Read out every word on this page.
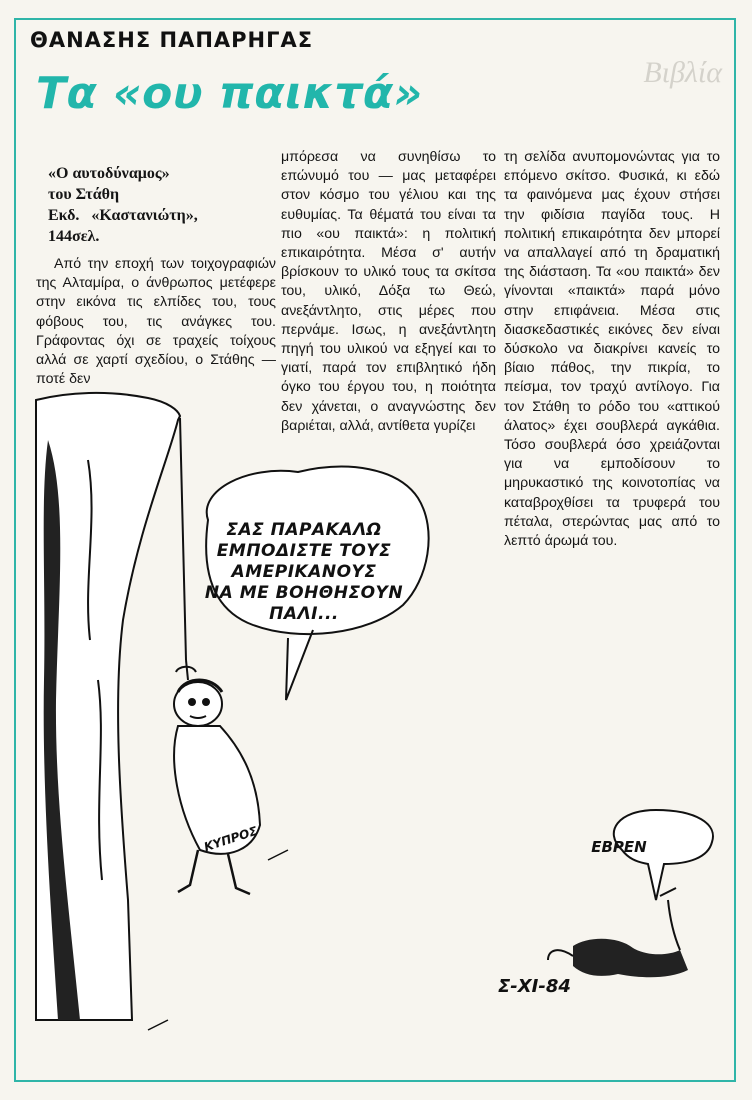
Βιβλία
ΘΑΝΑΣΗΣ ΠΑΠΑΡΗΓΑΣ
Τα «ου παικτά»
«Ο αυτοδύναμος»
του Στάθη
Εκδ.   «Καστανιώτη»,
144σελ.

Από την εποχή των τοιχογραφιών της Αλταμίρα, ο άνθρωπος μετέφερε στην εικόνα τις ελπίδες του, τους φόβους του, τις ανάγκες του. Γράφοντας όχι σε τραχείς τοίχους αλλά σε χαρτί σχεδίου, ο Στάθης — ποτέ δεν

μπόρεσα να συνηθίσω το επώνυμό του — μας μεταφέρει στον κόσμο του γέλιου και της ευθυμίας. Τα θέματά του είναι τα πιο «ου παικτά»: η πολιτική επικαιρότητα. Μέσα σ' αυτήν βρίσκουν το υλικό τους τα σκίτσα του, υλικό, Δόξα τω Θεώ, ανεξάντλητο, στις μέρες που περνάμε. Ισως, η ανεξάντλητη πηγή του υλικού να εξηγεί και το γιατί, παρά τον επιβλητικό ήδη όγκο του έργου του, η ποιότητα δεν χάνεται, ο αναγνώστης δεν βαριέται, αλλά, αντίθετα γυρίζει

τη σελίδα ανυπομονώντας για το επόμενο σκίτσο. Φυσικά, κι εδώ τα φαινόμενα μας έχουν στήσει την φιδίσια παγίδα τους. Η πολιτική επικαιρότητα δεν μπορεί να απαλλαγεί από τη δραματική της διάσταση. Τα «ου παικτά» δεν γίνονται «παικτά» παρά μόνο στην επιφάνεια. Μέσα στις διασκεδαστικές εικόνες δεν είναι δύσκολο να διακρίνει κανείς το βίαιο πάθος, την πικρία, το πείσμα, τον τραχύ αντίλογο. Για τον Στάθη το ρόδο του «αττικού άλατος» έχει σουβλερά αγκάθια. Τόσο σουβλερά όσο χρειάζονται για να εμποδίσουν το μηρυκαστικό της κοινοτοπίας να καταβροχθίσει τα τρυφερά του πέταλα, στερώντας μας από το λεπτό άρωμά του.

ΣΑΣ ΠΑΡΑΚΑΛΩ
ΕΜΠΟΔΙΣΤΕ ΤΟΥΣ
ΑΜΕΡΙΚΑΝΟΥΣ
ΝΑ ΜΕ ΒΟΗΘΗΣΟΥΝ
ΠΑΛΙ...
ΚΥΠΡΟΣ	ΕΒΡΕΝ
Σ-ΧΙ-84
